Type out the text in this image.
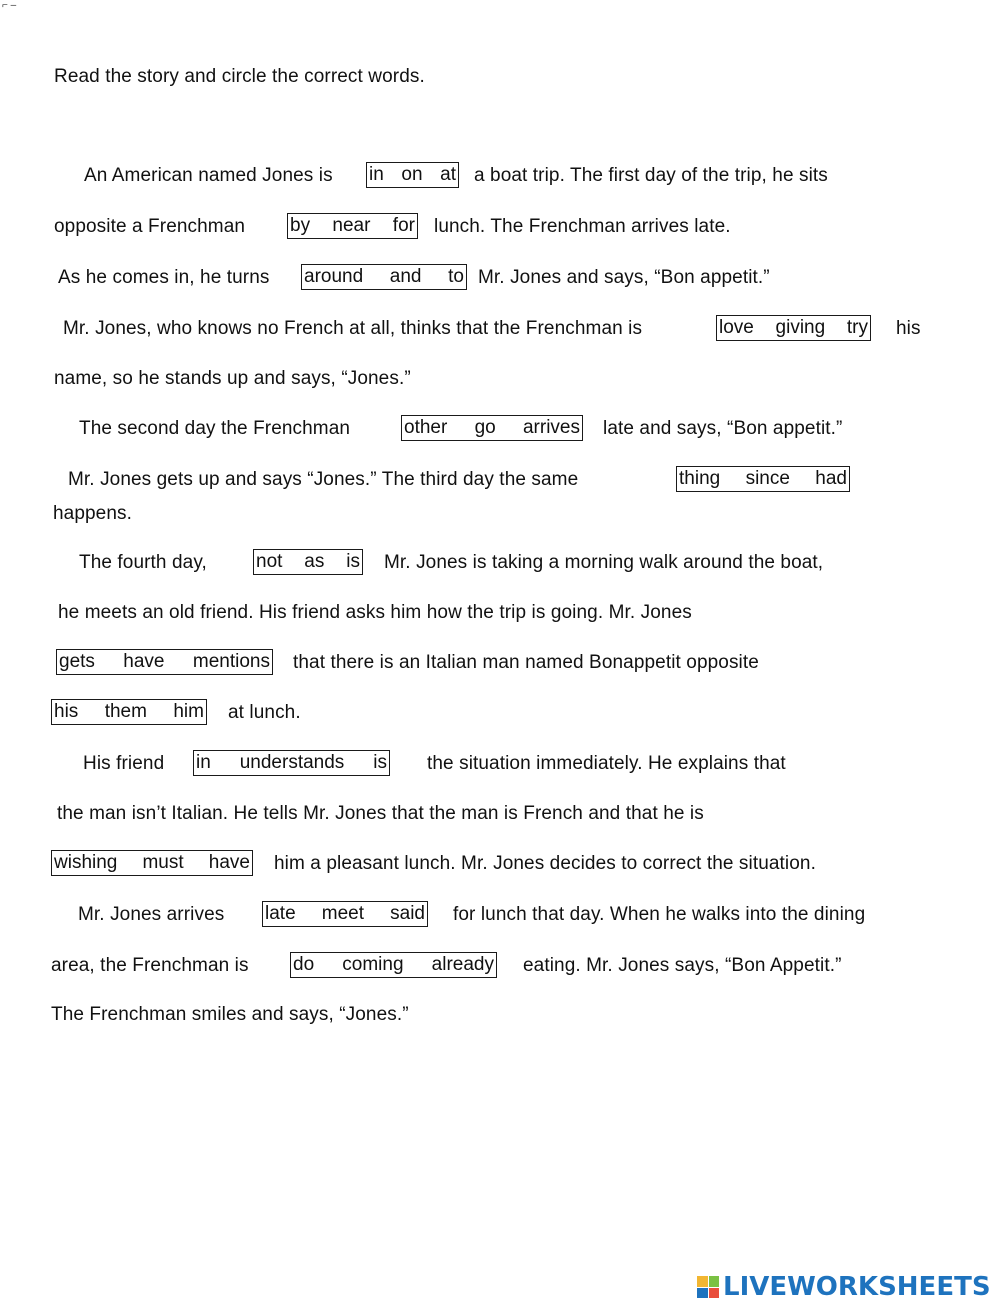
⌐ ‒
Read the story and circle the correct words.
An American named Jones is in on at a boat trip. The first day of the trip, he sits
opposite a Frenchman by near for lunch. The Frenchman arrives late.
As he comes in, he turns around and to Mr. Jones and says, “Bon appetit.”
Mr. Jones, who knows no French at all, thinks that the Frenchman is	love giving try his
name, so he stands up and says, “Jones.”
The second day the Frenchman	other go arrives late and says, “Bon appetit.”
Mr. Jones gets up and says “Jones.” The third day the same	thing since had
happens.
The fourth day,	not as is Mr. Jones is taking a morning walk around the boat,
he meets an old friend. His friend asks him how the trip is going. Mr. Jones
gets have mentions that there is an Italian man named Bonappetit opposite
his them him at lunch.
His friend in understands is the situation immediately. He explains that
the man isn’t Italian. He tells Mr. Jones that the man is French and that he is
wishing must have him a pleasant lunch. Mr. Jones decides to correct the situation.
Mr. Jones arrives late meet said for lunch that day. When he walks into the dining
area, the Frenchman is do coming already eating. Mr. Jones says, “Bon Appetit.”
The Frenchman smiles and says, “Jones.”
LIVEWORKSHEETS
